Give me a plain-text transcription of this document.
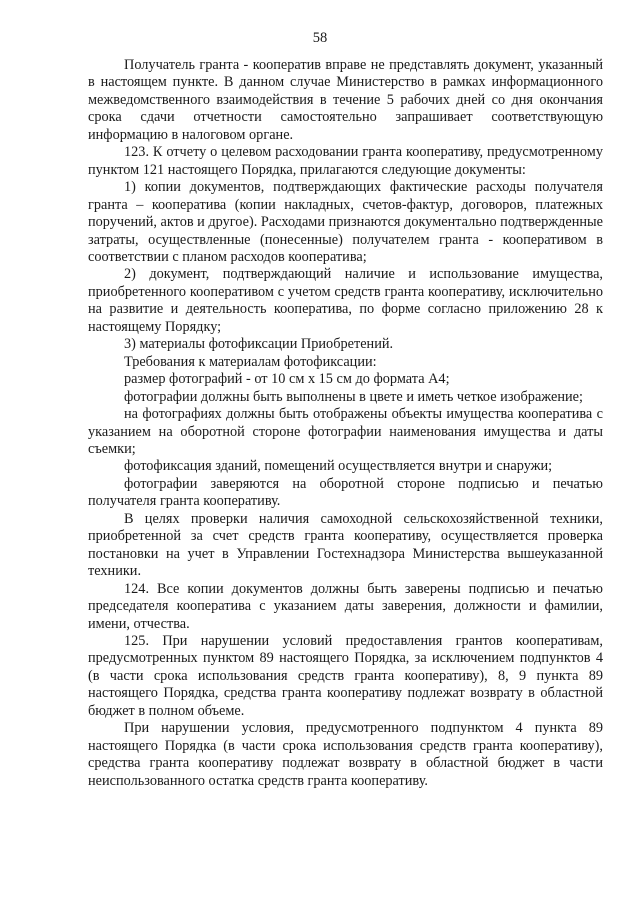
58

Получатель гранта - кооператив вправе не представлять документ, указанный в настоящем пункте. В данном случае Министерство в рамках информационного межведомственного взаимодействия в течение 5 рабочих дней со дня окончания срока сдачи отчетности самостоятельно запрашивает соответствующую информацию в налоговом органе.

123. К отчету о целевом расходовании гранта кооперативу, предусмотренному пунктом 121 настоящего Порядка, прилагаются следующие документы:

1) копии документов, подтверждающих фактические расходы получателя гранта – кооператива (копии накладных, счетов-фактур, договоров, платежных поручений, актов и другое). Расходами признаются документально подтвержденные затраты, осуществленные (понесенные) получателем гранта - кооперативом в соответствии с планом расходов кооператива;

2) документ, подтверждающий наличие и использование имущества, приобретенного кооперативом с учетом средств гранта кооперативу, исключительно на развитие и деятельность кооператива, по форме согласно приложению 28 к настоящему Порядку;

3) материалы фотофиксации Приобретений.

Требования к материалам фотофиксации:

размер фотографий - от 10 см х 15 см до формата А4;

фотографии должны быть выполнены в цвете и иметь четкое изображение;

на фотографиях должны быть отображены объекты имущества кооператива с указанием на оборотной стороне фотографии наименования имущества и даты съемки;

фотофиксация зданий, помещений осуществляется внутри и снаружи;

фотографии заверяются на оборотной стороне подписью и печатью получателя гранта кооперативу.

В целях проверки наличия самоходной сельскохозяйственной техники, приобретенной за счет средств гранта кооперативу, осуществляется проверка постановки на учет в Управлении Гостехнадзора Министерства вышеуказанной техники.

124. Все копии документов должны быть заверены подписью и печатью председателя кооператива с указанием даты заверения, должности и фамилии, имени, отчества.

125. При нарушении условий предоставления грантов кооперативам, предусмотренных пунктом 89 настоящего Порядка, за исключением подпунктов 4 (в части срока использования средств гранта кооперативу), 8, 9 пункта 89 настоящего Порядка, средства гранта кооперативу подлежат возврату в областной бюджет в полном объеме.

При нарушении условия, предусмотренного подпунктом 4 пункта 89 настоящего Порядка (в части срока использования средств гранта кооперативу), средства гранта кооперативу подлежат возврату в областной бюджет в части неиспользованного остатка средств гранта кооперативу.
